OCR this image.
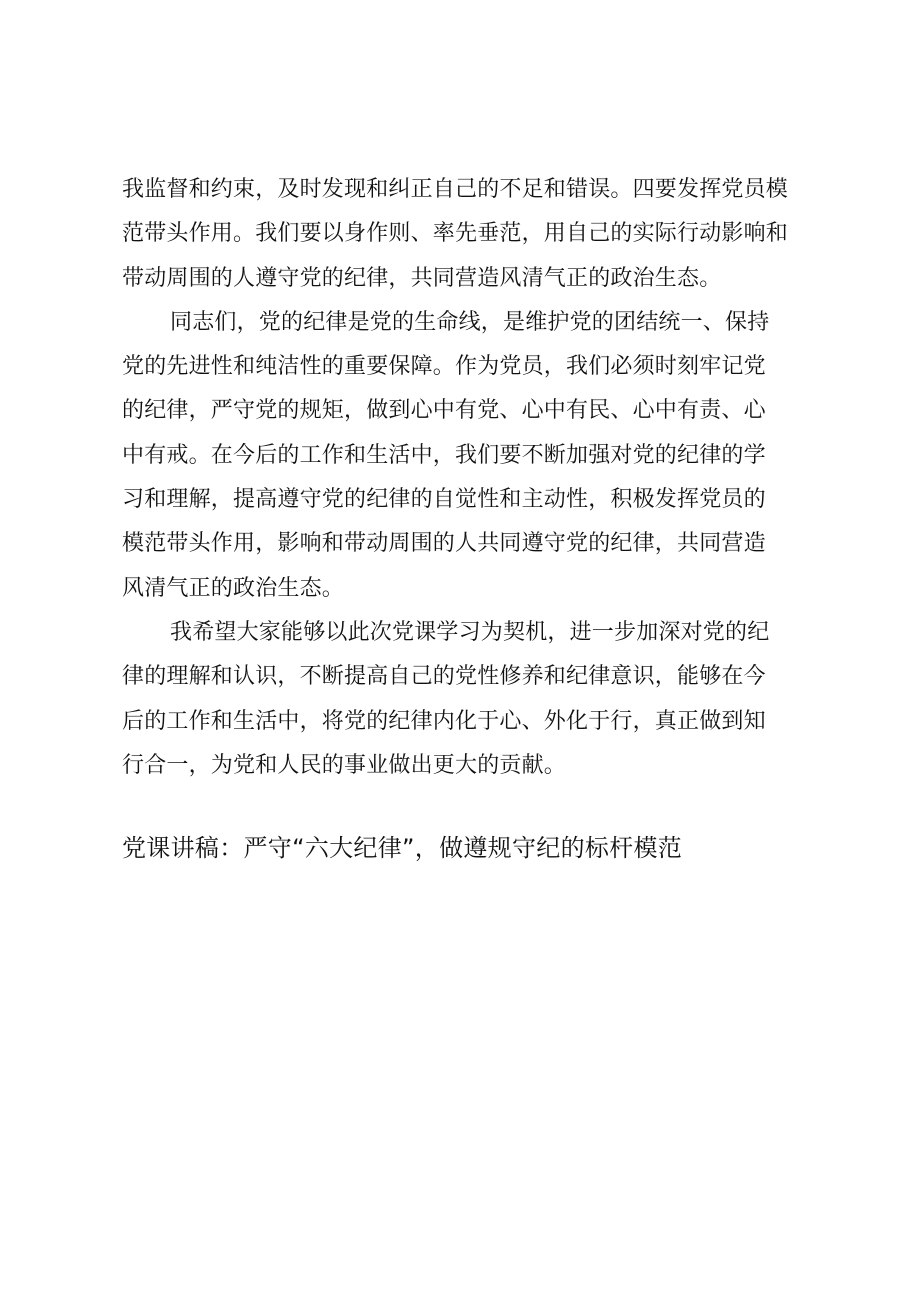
我监督和约束，及时发现和纠正自己的不足和错误。四要发挥党员模
范带头作用。我们要以身作则、率先垂范，用自己的实际行动影响和
带动周围的人遵守党的纪律，共同营造风清气正的政治生态。

同志们，党的纪律是党的生命线，是维护党的团结统一、保持
党的先进性和纯洁性的重要保障。作为党员，我们必须时刻牢记党
的纪律，严守党的规矩，做到心中有党、心中有民、心中有责、心
中有戒。在今后的工作和生活中，我们要不断加强对党的纪律的学
习和理解，提高遵守党的纪律的自觉性和主动性，积极发挥党员的
模范带头作用，影响和带动周围的人共同遵守党的纪律，共同营造
风清气正的政治生态。

我希望大家能够以此次党课学习为契机，进一步加深对党的纪
律的理解和认识，不断提高自己的党性修养和纪律意识，能够在今
后的工作和生活中，将党的纪律内化于心、外化于行，真正做到知
行合一，为党和人民的事业做出更大的贡献。

党课讲稿：严守“六大纪律”，做遵规守纪的标杆模范
